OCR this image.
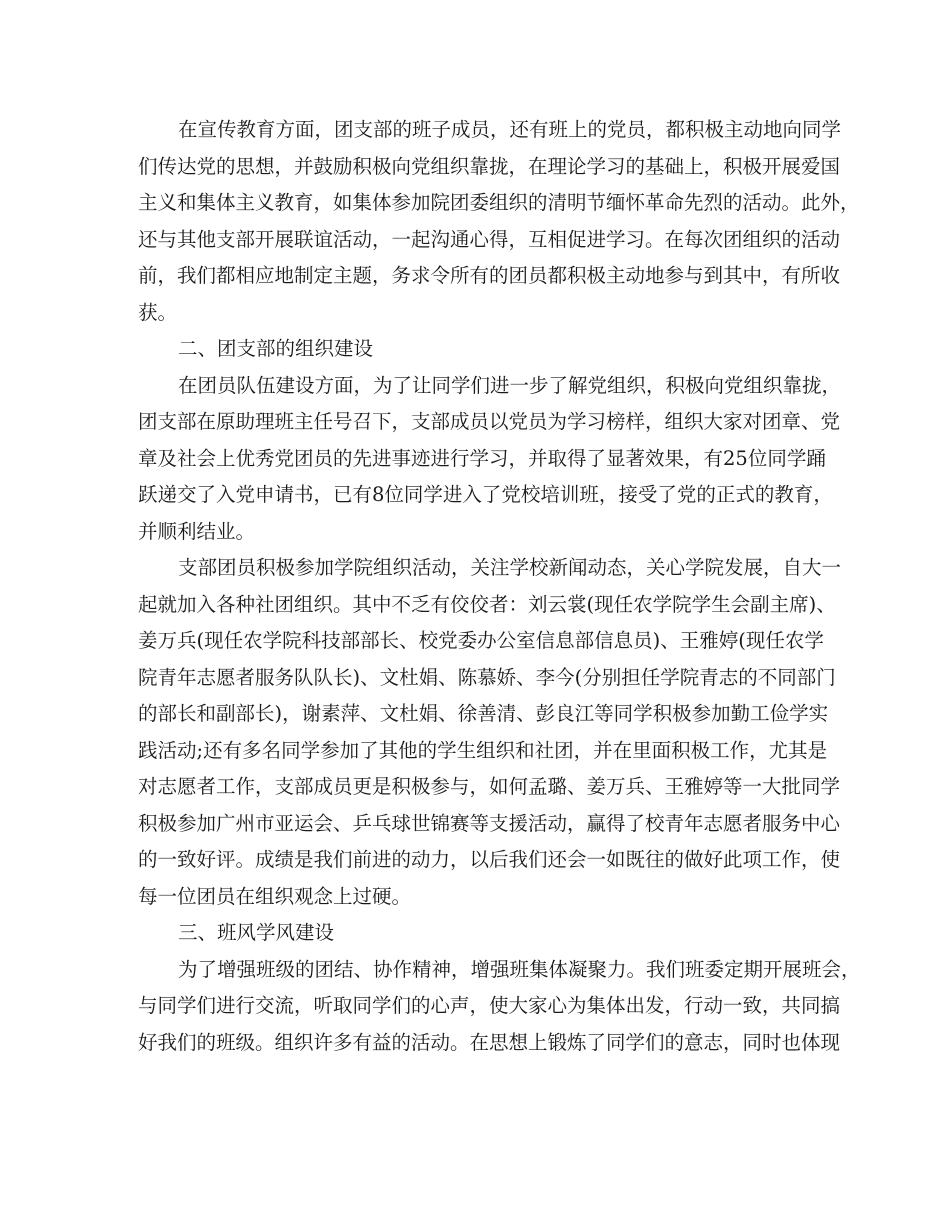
在宣传教育方面，团支部的班子成员，还有班上的党员，都积极主动地向同学
们传达党的思想，并鼓励积极向党组织靠拢，在理论学习的基础上，积极开展爱国
主义和集体主义教育，如集体参加院团委组织的清明节缅怀革命先烈的活动。此外，
还与其他支部开展联谊活动，一起沟通心得，互相促进学习。在每次团组织的活动
前，我们都相应地制定主题，务求令所有的团员都积极主动地参与到其中，有所收
获。
二、团支部的组织建设
在团员队伍建设方面，为了让同学们进一步了解党组织，积极向党组织靠拢，
团支部在原助理班主任号召下，支部成员以党员为学习榜样，组织大家对团章、党
章及社会上优秀党团员的先进事迹进行学习，并取得了显著效果，有25位同学踊
跃递交了入党申请书，已有8位同学进入了党校培训班，接受了党的正式的教育，
并顺利结业。
支部团员积极参加学院组织活动，关注学校新闻动态，关心学院发展，自大一
起就加入各种社团组织。其中不乏有佼佼者：刘云裳(现任农学院学生会副主席)、
姜万兵(现任农学院科技部部长、校党委办公室信息部信息员)、王雅婷(现任农学
院青年志愿者服务队队长)、文杜娟、陈慕娇、李今(分别担任学院青志的不同部门
的部长和副部长)，谢素萍、文杜娟、徐善清、彭良江等同学积极参加勤工俭学实
践活动;还有多名同学参加了其他的学生组织和社团，并在里面积极工作，尤其是
对志愿者工作，支部成员更是积极参与，如何孟璐、姜万兵、王雅婷等一大批同学
积极参加广州市亚运会、乒乓球世锦赛等支援活动，赢得了校青年志愿者服务中心
的一致好评。成绩是我们前进的动力，以后我们还会一如既往的做好此项工作，使
每一位团员在组织观念上过硬。
三、班风学风建设
为了增强班级的团结、协作精神，增强班集体凝聚力。我们班委定期开展班会，
与同学们进行交流，听取同学们的心声，使大家心为集体出发，行动一致，共同搞
好我们的班级。组织许多有益的活动。在思想上锻炼了同学们的意志，同时也体现
